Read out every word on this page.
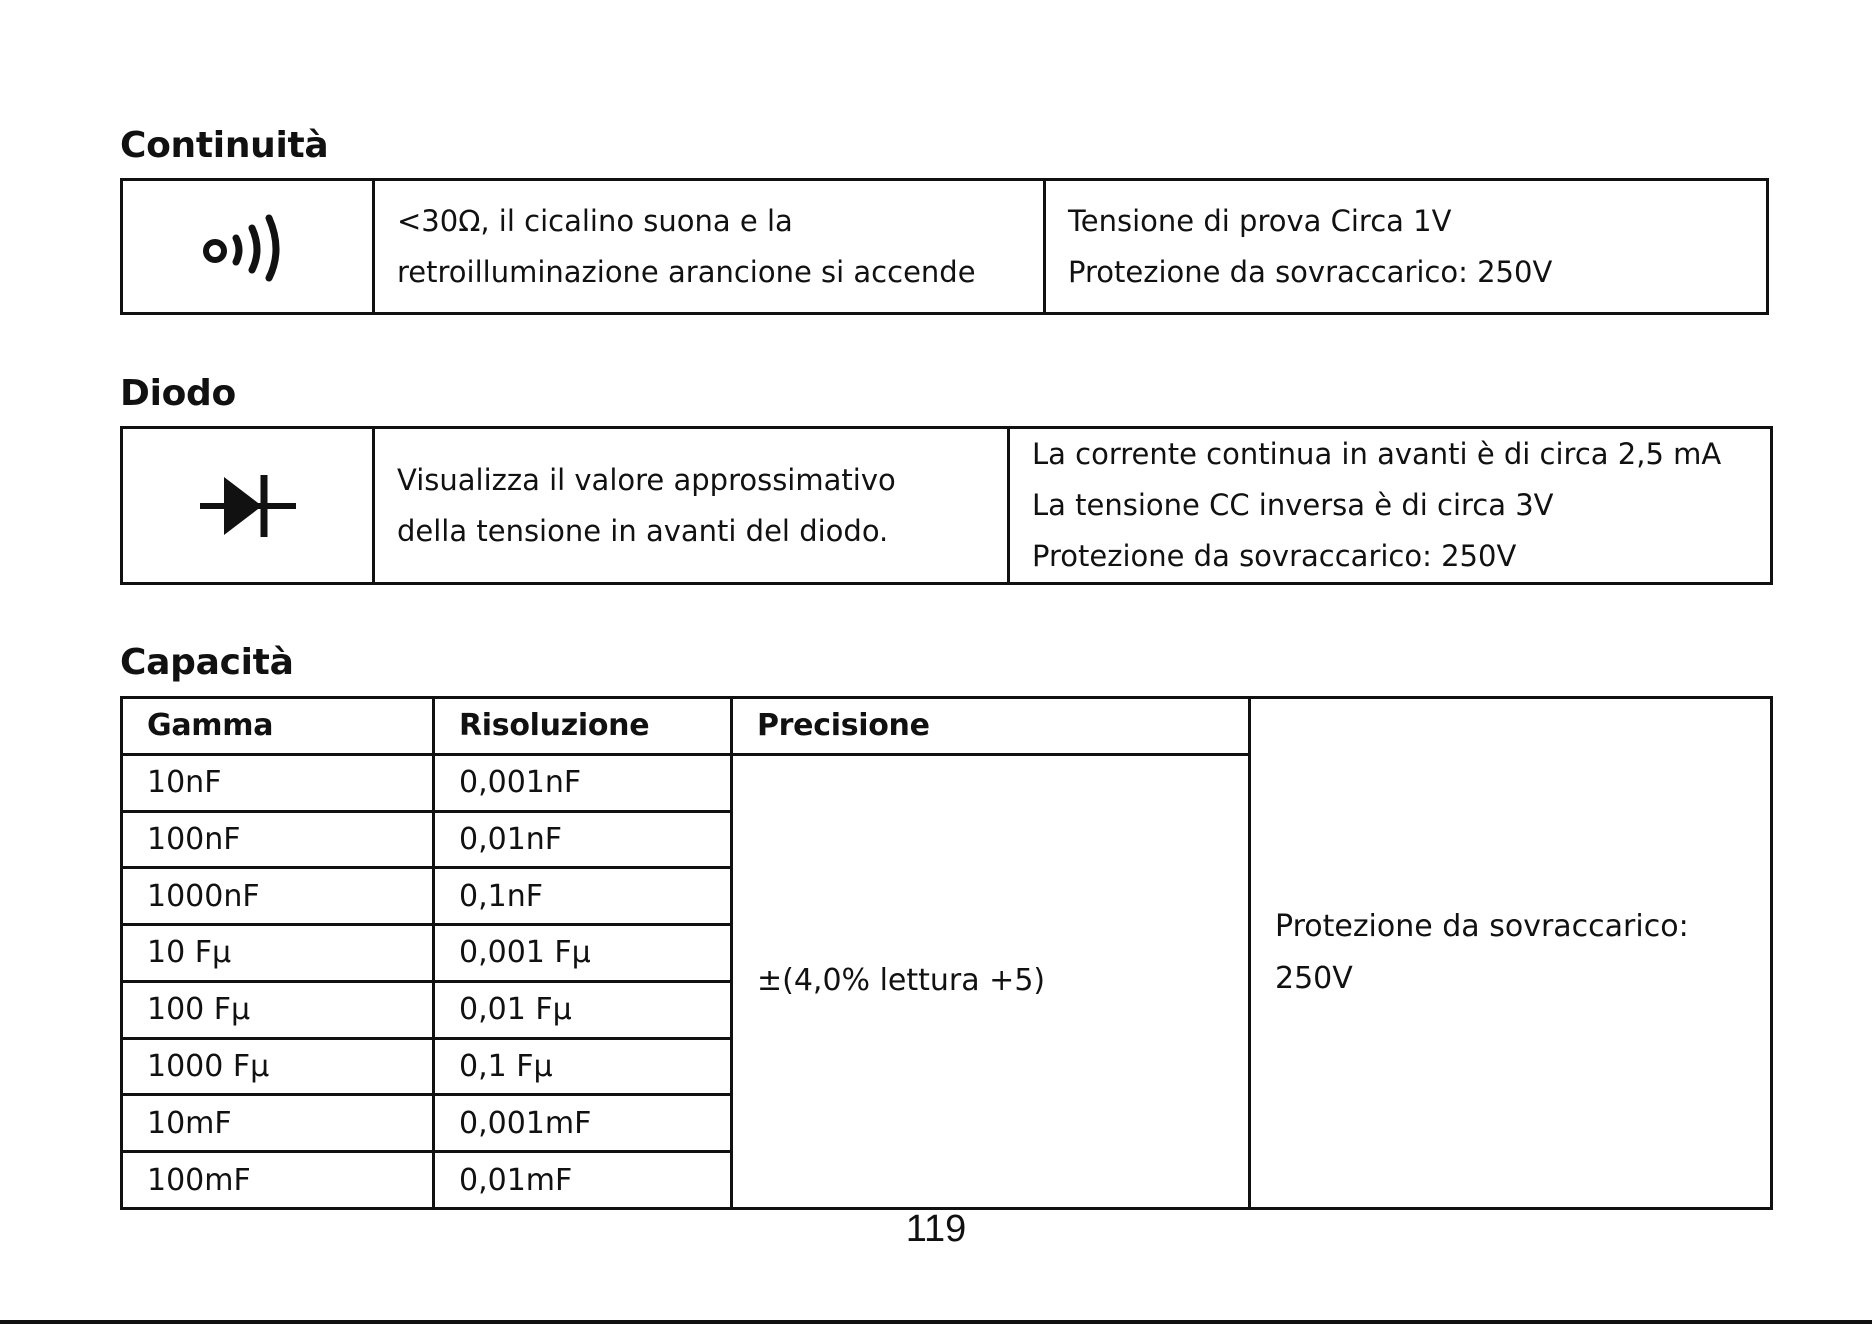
Continuità

<30Ω, il cicalino suona e la
retroilluminazione arancione si accende

Tensione di prova Circa 1V
Protezione da sovraccarico: 250V
Diodo

Visualizza il valore approssimativo
della tensione in avanti del diodo.

La corrente continua in avanti è di circa 2,5 mA
La tensione CC inversa è di circa 3V
Protezione da sovraccarico: 250V
Capacità
Gamma	Risoluzione	Precisione	Protezione da sovraccarico:
250V

10nF	0,001nF	±(4,0% lettura +5)	
100nF	0,01nF		
1000nF	0,1nF		
10 Fμ	0,001 Fμ		
100 Fμ	0,01 Fμ		
1000 Fμ	0,1 Fμ		
10mF	0,001mF		
100mF	0,01mF		
119
